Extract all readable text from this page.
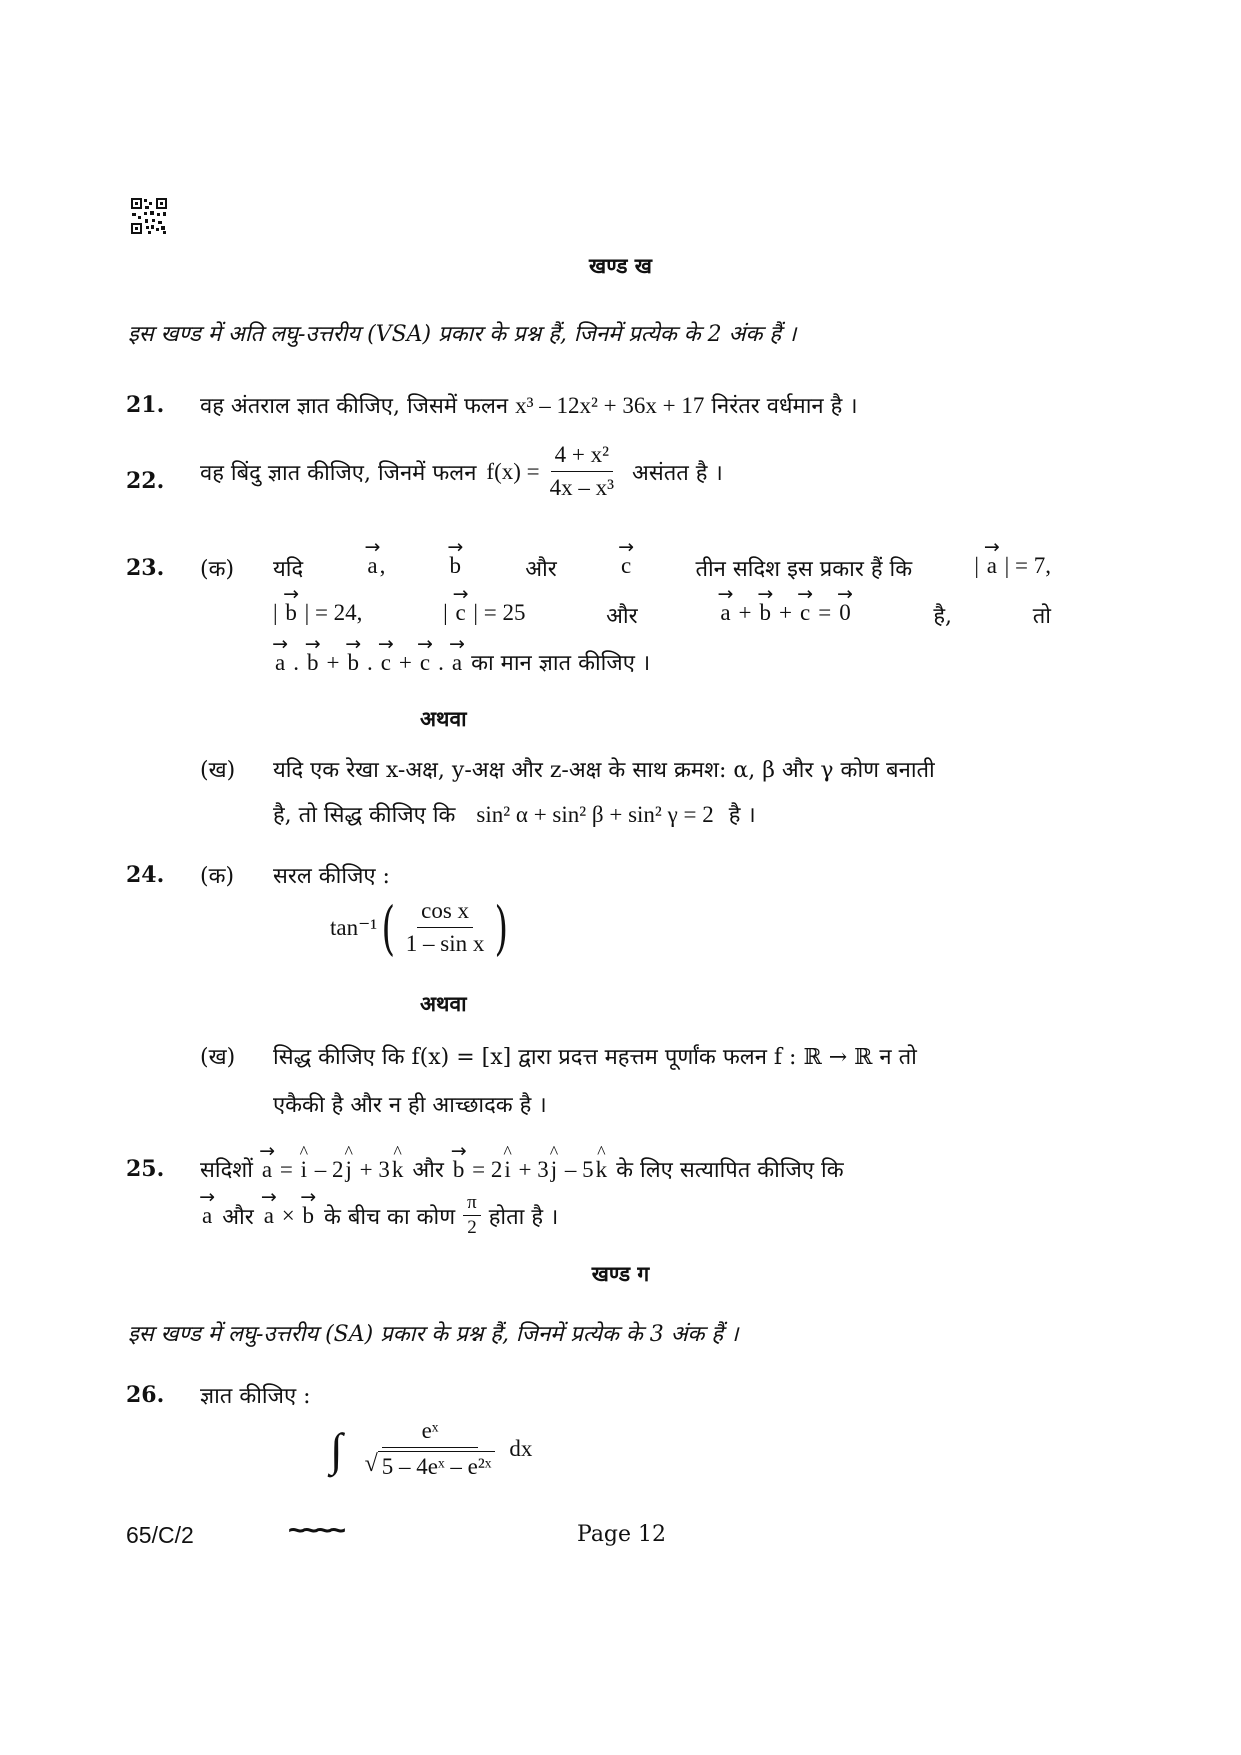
खण्ड ख
इस खण्ड में अति लघु-उत्तरीय (VSA) प्रकार के प्रश्न हैं, जिनमें प्रत्येक के 2 अंक हैं ।
21. वह अंतराल ज्ञात कीजिए, जिसमें फलन x³ – 12x² + 36x + 17 निरंतर वर्धमान है ।
22. वह बिंदु ज्ञात कीजिए, जिनमें फलन $f(x) = \frac{\text{4 + x²}}{\text{4x – x³}}$ असंतत है ।
23. (क) यदि	→ a,	→ b	और	→ c	तीन सदिश इस प्रकार हैं कि	| → a | = 7,
| → b | = 24,	| → c | = 25	और	→ a + → b + → c = → 0	है,	तो
→ a . → b + → b . → c + → c . → a का मान ज्ञात कीजिए ।
अथवा
(ख) यदि एक रेखा x-अक्ष, y-अक्ष और z-अक्ष के साथ क्रमश: α, β और γ कोण बनाती
है, तो सिद्ध कीजिए कि sin² α + sin² β + sin² γ = 2 है ।
24. (क) सरल कीजिए :
tan⁻¹ ( $\frac{\text{cos x}}{\text{1 – sin x}}$ )
अथवा
(ख) सिद्ध कीजिए कि f(x) = [x] द्वारा प्रदत्त महत्तम पूर्णांक फलन f : ℝ → ℝ न तो
एकैकी है और न ही आच्छादक है ।
25. सदिशों → a = ^ i – 2^ j + 3^ k और → b = 2^ i + 3^ j – 5^ k के लिए सत्यापित कीजिए कि
→ a और → a × → b के बीच का कोण $\frac{\pi}{2}$ होता है ।
खण्ड ग
इस खण्ड में लघु-उत्तरीय (SA) प्रकार के प्रश्न हैं, जिनमें प्रत्येक के 3 अंक हैं ।
26. ज्ञात कीजिए :
∫ $\frac{\text{eˣ}}{\text{√ 5 – 4eˣ – e²ˣ}}$ dx
65/C/2	~~~~	Page 12
